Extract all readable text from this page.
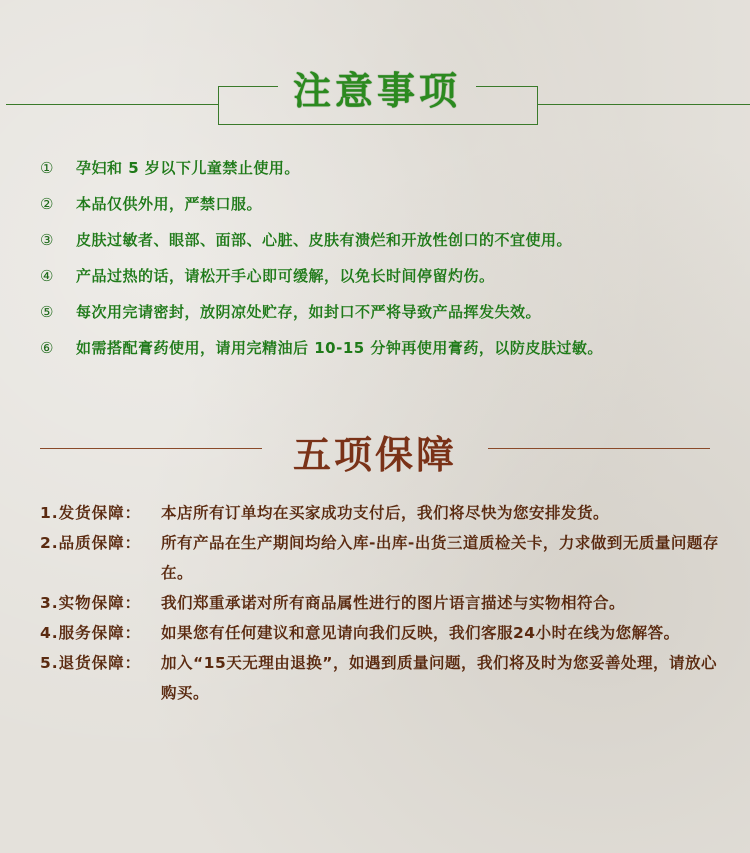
注意事项
① 孕妇和 5 岁以下儿童禁止使用。
② 本品仅供外用，严禁口服。
③ 皮肤过敏者、眼部、面部、心脏、皮肤有溃烂和开放性创口的不宜使用。
④ 产品过热的话，请松开手心即可缓解，以免长时间停留灼伤。
⑤ 每次用完请密封，放阴凉处贮存，如封口不严将导致产品挥发失效。
⑥ 如需搭配膏药使用，请用完精油后 10-15 分钟再使用膏药，以防皮肤过敏。
五项保障
1.发货保障： 本店所有订单均在买家成功支付后，我们将尽快为您安排发货。
2.品质保障： 所有产品在生产期间均给入库-出库-出货三道质检关卡，力求做到无质量问题存在。
3.实物保障： 我们郑重承诺对所有商品属性进行的图片语言描述与实物相符合。
4.服务保障： 如果您有任何建议和意见请向我们反映，我们客服24小时在线为您解答。
5.退货保障： 加入“15天无理由退换”，如遇到质量问题，我们将及时为您妥善处理，请放心购买。
